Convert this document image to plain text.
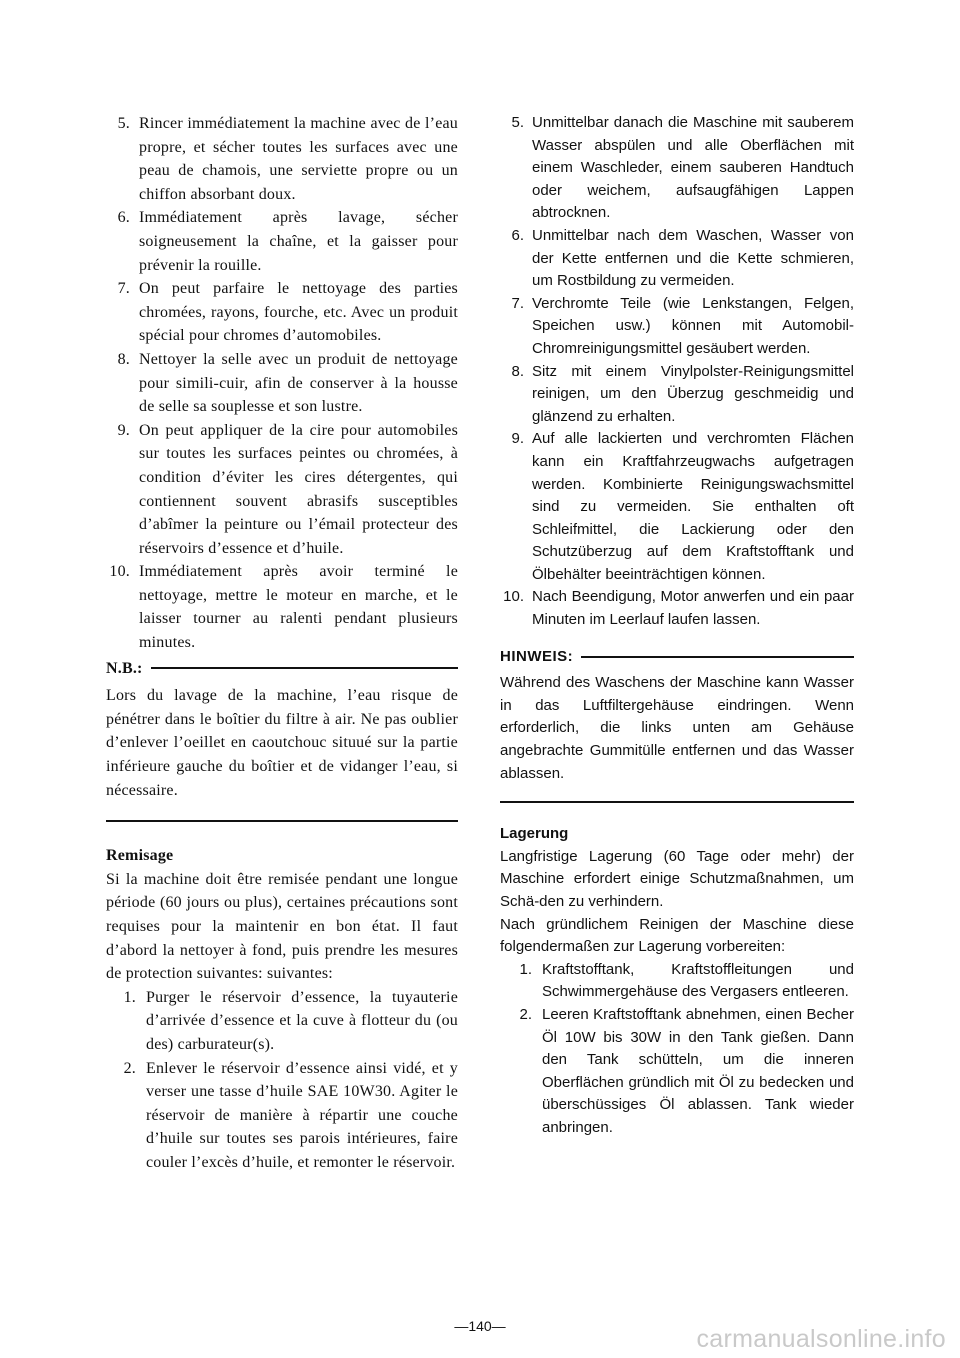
5. Rincer immédiatement la machine avec de l’eau propre, et sécher toutes les surfaces avec une peau de chamois, une serviette propre ou un chiffon absorbant doux.
6. Immédiatement après lavage, sécher soigneusement la chaîne, et la gaisser pour prévenir la rouille.
7. On peut parfaire le nettoyage des parties chromées, rayons, fourche, etc. Avec un produit spécial pour chromes d’automobiles.
8. Nettoyer la selle avec un produit de nettoyage pour simili-cuir, afin de conserver à la housse de selle sa souplesse et son lustre.
9. On peut appliquer de la cire pour automobiles sur toutes les surfaces peintes ou chromées, à condition d’éviter les cires détergentes, qui contiennent souvent abrasifs susceptibles d’abîmer la peinture ou l’émail protecteur des réservoirs d’essence et d’huile.
10. Immédiatement après avoir terminé le nettoyage, mettre le moteur en marche, et le laisser tourner au ralenti pendant plusieurs minutes.
N.B.:
Lors du lavage de la machine, l’eau risque de pénétrer dans le boîtier du filtre à air. Ne pas oublier d’enlever l’oeillet en caoutchouc situué sur la partie inférieure gauche du boîtier et de vidanger l’eau, si nécessaire.
Remisage
Si la machine doit être remisée pendant une longue période (60 jours ou plus), certaines précautions sont requises pour la maintenir en bon état. Il faut d’abord la nettoyer à fond, puis prendre les mesures de protection suivantes: suivantes:
1. Purger le réservoir d’essence, la tuyauterie d’arrivée d’essence et la cuve à flotteur du (ou des) carburateur(s).
2. Enlever le réservoir d’essence ainsi vidé, et y verser une tasse d’huile SAE 10W30. Agiter le réservoir de manière à répartir une couche d’huile sur toutes ses parois intérieures, faire couler l’excès d’huile, et remonter le réservoir.
5. Unmittelbar danach die Maschine mit sauberem Wasser abspülen und alle Oberflächen mit einem Waschleder, einem sauberen Handtuch oder weichem, aufsaugfähigen Lappen abtrocknen.
6. Unmittelbar nach dem Waschen, Wasser von der Kette entfernen und die Kette schmieren, um Rostbildung zu vermeiden.
7. Verchromte Teile (wie Lenkstangen, Felgen, Speichen usw.) können mit Automobil-Chromreinigungsmittel gesäubert werden.
8. Sitz mit einem Vinylpolster-Reinigungsmittel reinigen, um den Überzug geschmeidig und glänzend zu erhalten.
9. Auf alle lackierten und verchromten Flächen kann ein Kraftfahrzeugwachs aufgetragen werden. Kombinierte Reinigungswachsmittel sind zu vermeiden. Sie enthalten oft Schleifmittel, die Lackierung oder den Schutzüberzug auf dem Kraftstofftank und Ölbehälter beeinträchtigen können.
10. Nach Beendigung, Motor anwerfen und ein paar Minuten im Leerlauf laufen lassen.
HINWEIS:
Während des Waschens der Maschine kann Wasser in das Luftfiltergehäuse eindringen. Wenn erforderlich, die links unten am Gehäuse angebrachte Gummitülle entfernen und das Wasser ablassen.
Lagerung
Langfristige Lagerung (60 Tage oder mehr) der Maschine erfordert einige Schutzmaßnahmen, um Schä-den zu verhindern.
Nach gründlichem Reinigen der Maschine diese folgendermaßen zur Lagerung vorbereiten:
1. Kraftstofftank, Kraftstoffleitungen und Schwimmergehäuse des Vergasers entleeren.
2. Leeren Kraftstofftank abnehmen, einen Becher Öl 10W bis 30W in den Tank gießen. Dann den Tank schütteln, um die inneren Oberflächen gründlich mit Öl zu bedecken und überschüssiges Öl ablassen. Tank wieder anbringen.
—140—	carmanualsonline.info
